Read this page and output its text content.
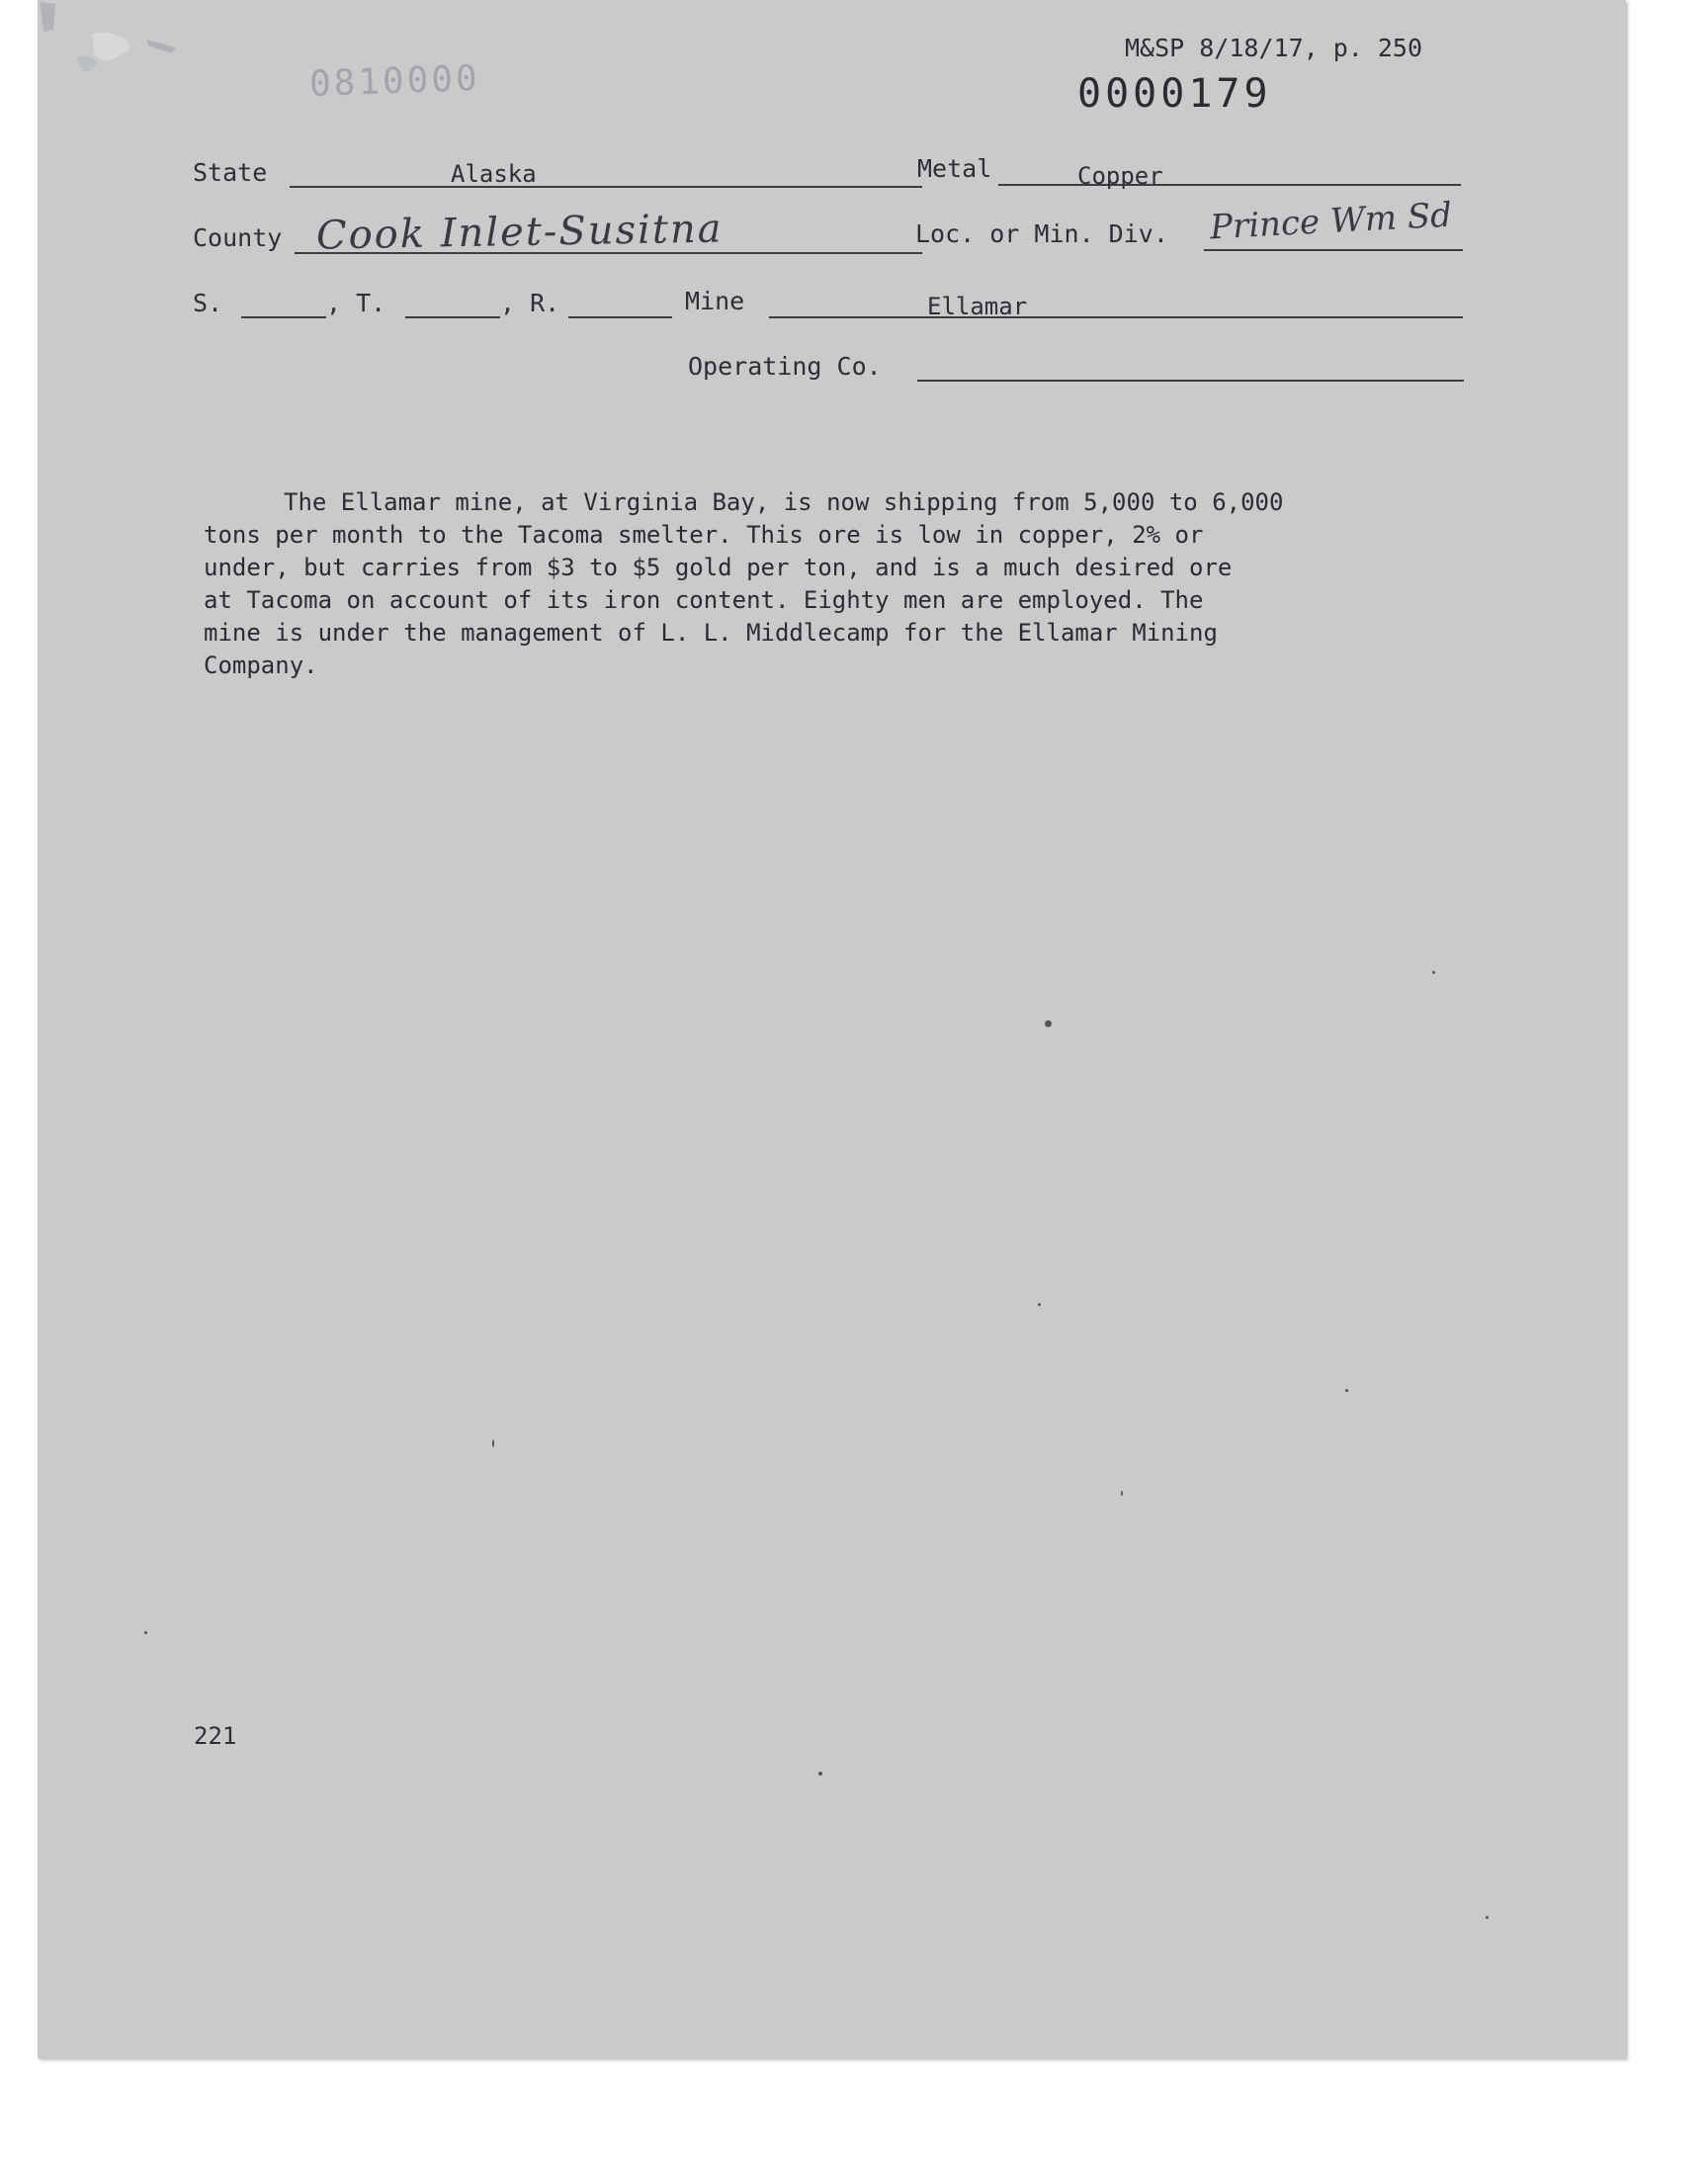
0810000
M&SP 8/18/17, p. 250
0000179
State	Alaska	Metal	Copper
County Cook Inlet-Susitna	Loc. or Min. Div. Prince Wm Sd
S.	, T.	, R.	Mine	Ellamar
Operating Co.
The Ellamar mine, at Virginia Bay, is now shipping from 5,000 to 6,000
tons per month to the Tacoma smelter. This ore is low in copper, 2% or
under, but carries from $3 to $5 gold per ton, and is a much desired ore
at Tacoma on account of its iron content. Eighty men are employed. The
mine is under the management of L. L. Middlecamp for the Ellamar Mining
Company.
221
